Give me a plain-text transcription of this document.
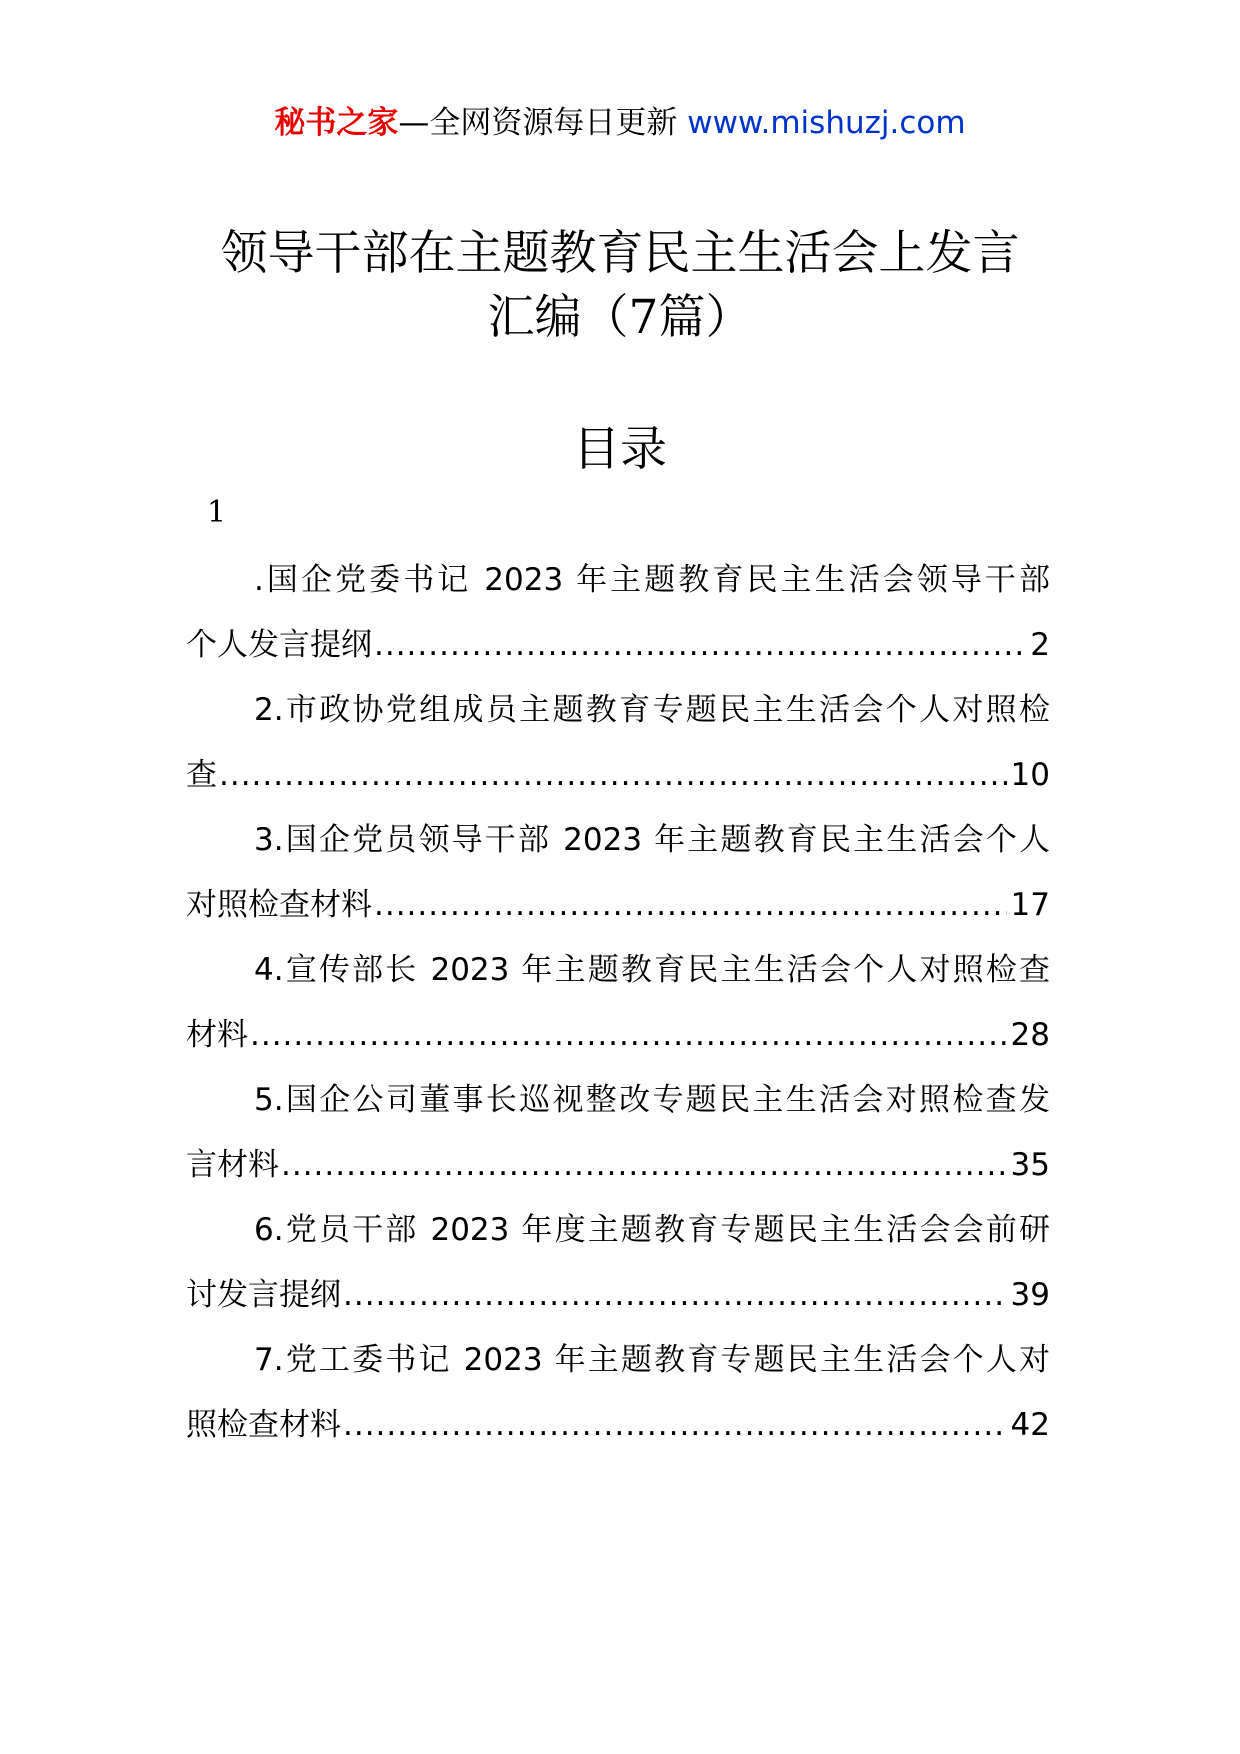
秘书之家—全网资源每日更新 www.mishuzj.com
领导干部在主题教育民主生活会上发言
汇编（7篇）
目录
1
.国企党委书记 2023 年主题教育民主生活会领导干部
个人发言提纲 .....	2
2.市政协党组成员主题教育专题民主生活会个人对照检
查 .....	10
3.国企党员领导干部 2023 年主题教育民主生活会个人
对照检查材料 .....	17
4.宣传部长 2023 年主题教育民主生活会个人对照检查
材料 .....	28
5.国企公司董事长巡视整改专题民主生活会对照检查发
言材料 .....	35
6.党员干部 2023 年度主题教育专题民主生活会会前研
讨发言提纲 .....	39
7.党工委书记 2023 年主题教育专题民主生活会个人对
照检查材料 .....	42
